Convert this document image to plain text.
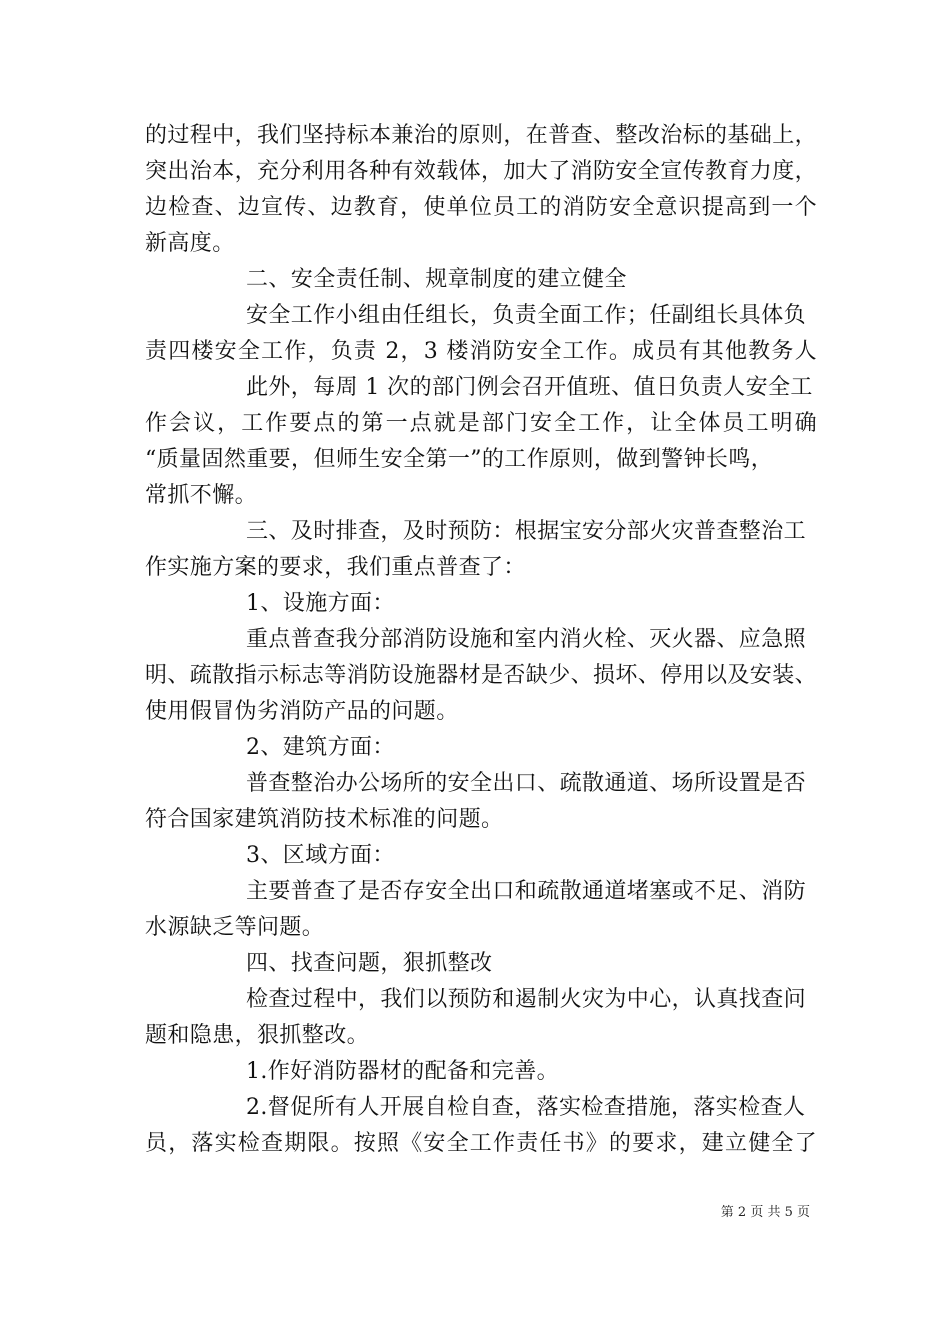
的过程中，我们坚持标本兼治的原则，在普查、整改治标的基础上，
突出治本，充分利用各种有效载体，加大了消防安全宣传教育力度，
边检查、边宣传、边教育，使单位员工的消防安全意识提高到一个
新高度。
二、安全责任制、规章制度的建立健全
安全工作小组由任组长，负责全面工作；任副组长具体负
责四楼安全工作，负责 2，3 楼消防安全工作。成员有其他教务人
此外，每周 1 次的部门例会召开值班、值日负责人安全工
作会议，工作要点的第一点就是部门安全工作，让全体员工明确
“质量固然重要，但师生安全第一”的工作原则，做到警钟长鸣，
常抓不懈。
三、及时排查，及时预防：根据宝安分部火灾普查整治工
作实施方案的要求，我们重点普查了：
1、设施方面：
重点普查我分部消防设施和室内消火栓、灭火器、应急照
明、疏散指示标志等消防设施器材是否缺少、损坏、停用以及安装、
使用假冒伪劣消防产品的问题。
2、建筑方面：
普查整治办公场所的安全出口、疏散通道、场所设置是否
符合国家建筑消防技术标准的问题。
3、区域方面：
主要普查了是否存安全出口和疏散通道堵塞或不足、消防
水源缺乏等问题。
四、找查问题，狠抓整改
检查过程中，我们以预防和遏制火灾为中心，认真找查问
题和隐患，狠抓整改。
1.作好消防器材的配备和完善。
2.督促所有人开展自检自查，落实检查措施，落实检查人
员，落实检查期限。按照《安全工作责任书》的要求，建立健全了
第 2 页 共 5 页
